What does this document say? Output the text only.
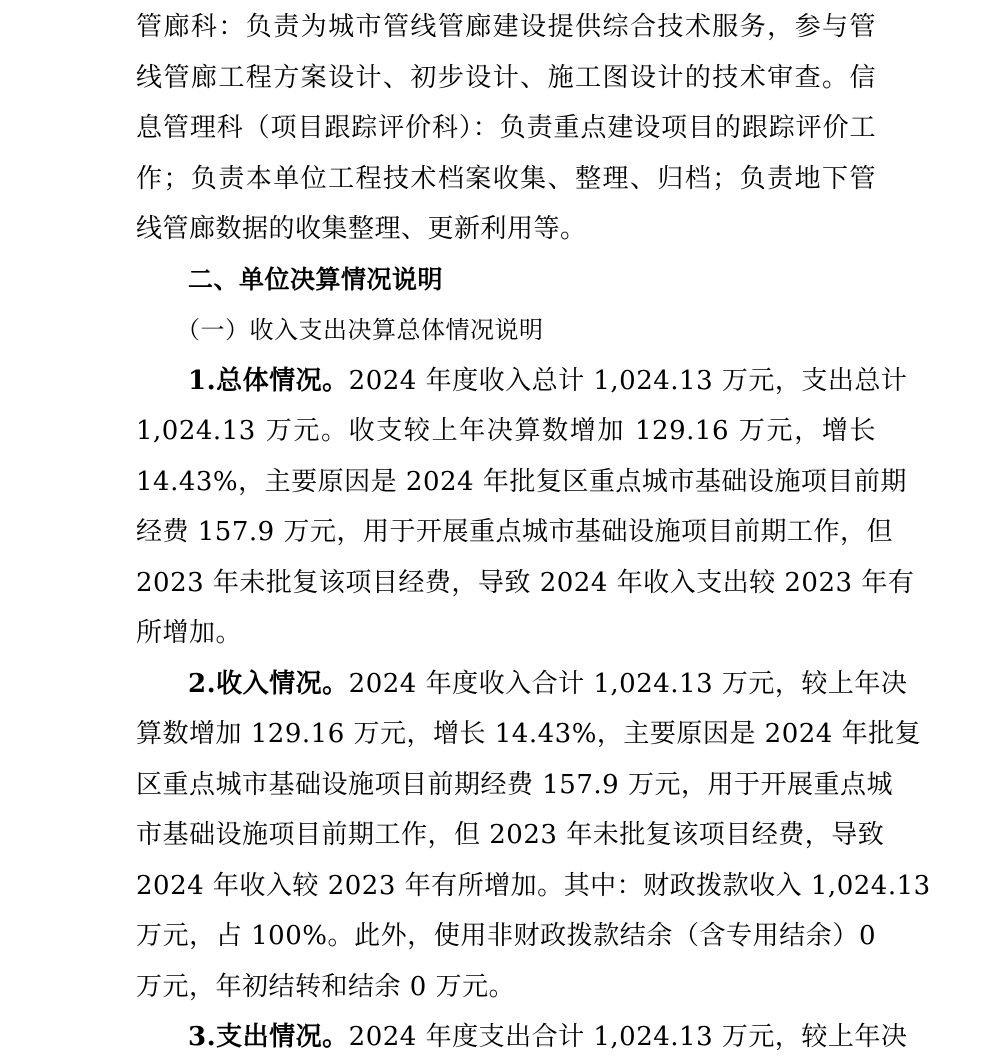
管廊科：负责为城市管线管廊建设提供综合技术服务，参与管
线管廊工程方案设计、初步设计、施工图设计的技术审查。信
息管理科（项目跟踪评价科）：负责重点建设项目的跟踪评价工
作；负责本单位工程技术档案收集、整理、归档；负责地下管
线管廊数据的收集整理、更新利用等。
二、单位决算情况说明
（一）收入支出决算总体情况说明
1.总体情况。2024 年度收入总计 1,024.13 万元，支出总计
1,024.13 万元。收支较上年决算数增加 129.16 万元，增长
14.43%，主要原因是 2024 年批复区重点城市基础设施项目前期
经费 157.9 万元，用于开展重点城市基础设施项目前期工作，但
2023 年未批复该项目经费，导致 2024 年收入支出较 2023 年有
所增加。
2.收入情况。2024 年度收入合计 1,024.13 万元，较上年决
算数增加 129.16 万元，增长 14.43%，主要原因是 2024 年批复
区重点城市基础设施项目前期经费 157.9 万元，用于开展重点城
市基础设施项目前期工作，但 2023 年未批复该项目经费，导致
2024 年收入较 2023 年有所增加。其中：财政拨款收入 1,024.13
万元，占 100%。此外，使用非财政拨款结余（含专用结余）0
万元，年初结转和结余 0 万元。
3.支出情况。2024 年度支出合计 1,024.13 万元，较上年决
